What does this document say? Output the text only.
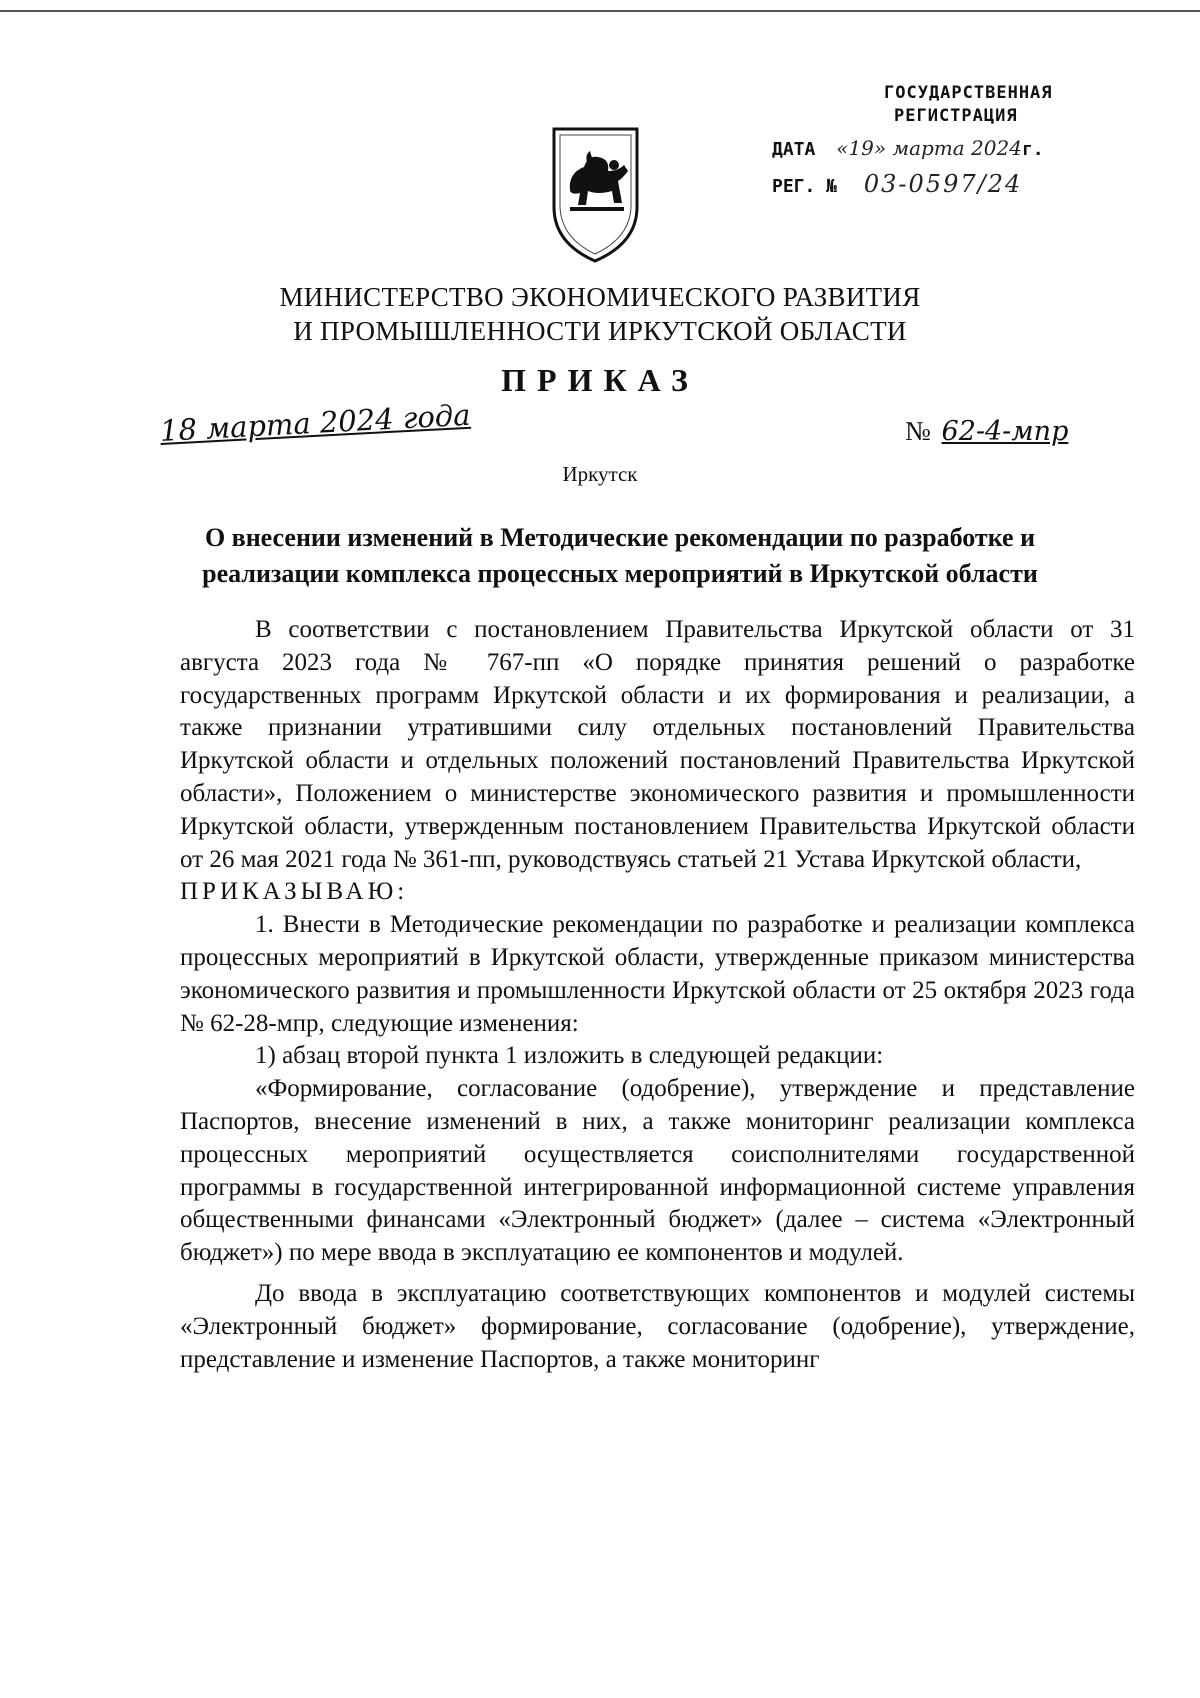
ГОСУДАРСТВЕННАЯ
РЕГИСТРАЦИЯ
ДАТА «19» марта 2024г.
РЕГ. № 03-0597/24
МИНИСТЕРСТВО ЭКОНОМИЧЕСКОГО РАЗВИТИЯ
И ПРОМЫШЛЕННОСТИ ИРКУТСКОЙ ОБЛАСТИ
ПРИКАЗ
18 марта 2024 года	№ 62-4-мпр
Иркутск
О внесении изменений в Методические рекомендации по разработке и
реализации комплекса процессных мероприятий в Иркутской области

В соответствии с постановлением Правительства Иркутской области от 31 августа 2023 года № 767-пп «О порядке принятия решений о разработке государственных программ Иркутской области и их формирования и реализации, а также признании утратившими силу отдельных постановлений Правительства Иркутской области и отдельных положений постановлений Правительства Иркутской области», Положением о министерстве экономического развития и промышленности Иркутской области, утвержденным постановлением Правительства Иркутской области от 26 мая 2021 года № 361-пп, руководствуясь статьей 21 Устава Иркутской области,

ПРИКАЗЫВАЮ:

1. Внести в Методические рекомендации по разработке и реализации комплекса процессных мероприятий в Иркутской области, утвержденные приказом министерства экономического развития и промышленности Иркутской области от 25 октября 2023 года № 62-28-мпр, следующие изменения:

1) абзац второй пункта 1 изложить в следующей редакции:

«Формирование, согласование (одобрение), утверждение и представление Паспортов, внесение изменений в них, а также мониторинг реализации комплекса процессных мероприятий осуществляется соисполнителями государственной программы в государственной интегрированной информационной системе управления общественными финансами «Электронный бюджет» (далее – система «Электронный бюджет») по мере ввода в эксплуатацию ее компонентов и модулей.

До ввода в эксплуатацию соответствующих компонентов и модулей системы «Электронный бюджет» формирование, согласование (одобрение), утверждение, представление и изменение Паспортов, а также мониторинг
